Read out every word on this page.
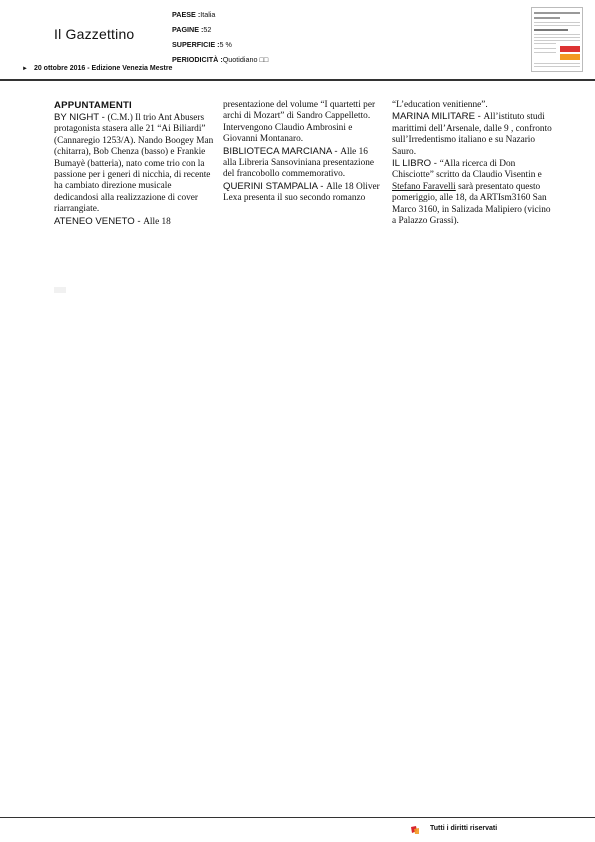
Il Gazzettino
PAESE :Italia
PAGINE :52
SUPERFICIE :5 %
PERIODICITÀ :Quotidiano □□
► 20 ottobre 2016 - Edizione Venezia Mestre

APPUNTAMENTI

BY NIGHT - (C.M.) Il trio Ant Abusers protagonista stasera alle 21 “Ai Biliardi” (Cannaregio 1253/A). Nando Boogey Man (chitarra), Bob Chenza (basso) e Frankie Bumayè (batteria), nato come trio con la passione per i generi di nicchia, di recente ha cambiato direzione musicale dedicandosi alla realizzazione di cover riarrangiate.

ATENEO VENETO - Alle 18

presentazione del volume “I quartetti per archi di Mozart” di Sandro Cappelletto. Intervengono Claudio Ambrosini e Giovanni Montanaro.

BIBLIOTECA MARCIANA - Alle 16 alla Libreria Sansoviniana presentazione del francobollo commemorativo.

QUERINI STAMPALIA - Alle 18 Oliver Lexa presenta il suo secondo romanzo

“L’education venitienne”.

MARINA MILITARE - All’istituto studi marittimi dell’Arsenale, dalle 9 , confronto sull’Irredentismo italiano e su Nazario Sauro.

IL LIBRO - “Alla ricerca di Don Chisciotte” scritto da Claudio Visentin e Stefano Faravelli sarà presentato questo pomeriggio, alle 18, da ARTIsm3160 San Marco 3160, in Salizada Malipiero (vicino a Palazzo Grassi).

Tutti i diritti riservati
